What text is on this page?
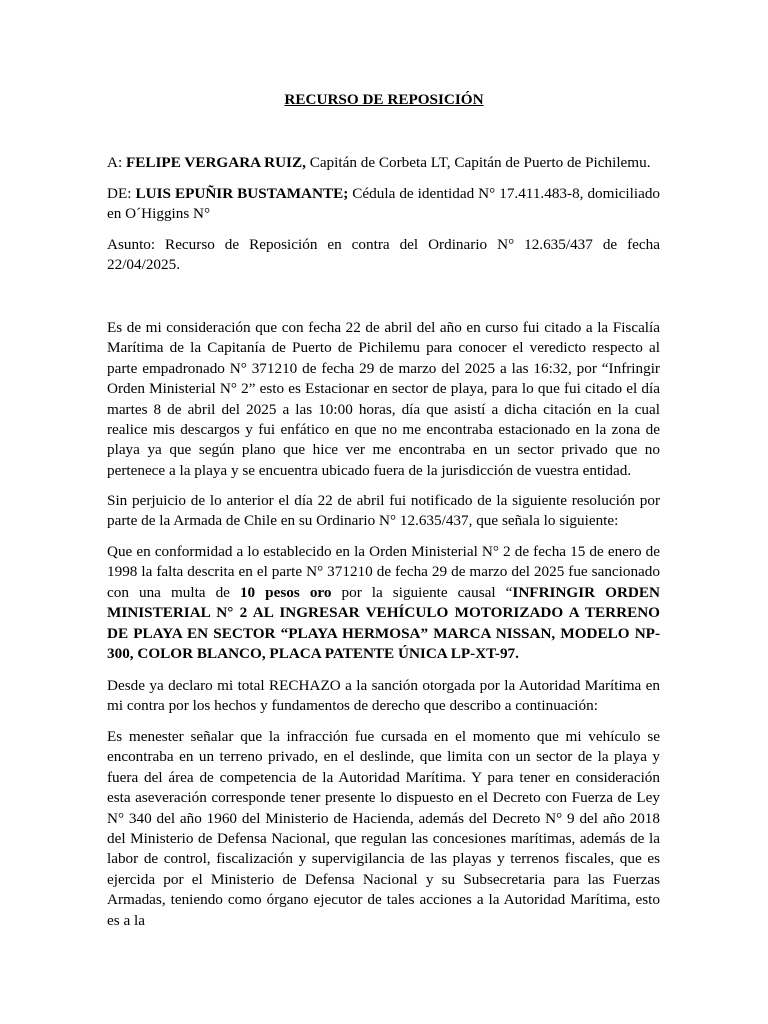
RECURSO DE REPOSICIÓN

A: FELIPE VERGARA RUIZ, Capitán de Corbeta LT, Capitán de Puerto de Pichilemu.

DE: LUIS EPUÑIR BUSTAMANTE; Cédula de identidad N° 17.411.483-8, domiciliado en O´Higgins N°

Asunto: Recurso de Reposición en contra del Ordinario N° 12.635/437 de fecha 22/04/2025.

Es de mi consideración que con fecha 22 de abril del año en curso fui citado a la Fiscalía Marítima de la Capitanía de Puerto de Pichilemu para conocer el veredicto respecto al parte empadronado N° 371210 de fecha 29 de marzo del 2025 a las 16:32, por “Infringir Orden Ministerial N° 2” esto es Estacionar en sector de playa, para lo que fui citado el día martes 8 de abril del 2025 a las 10:00 horas, día que asistí a dicha citación en la cual realice mis descargos y fui enfático en que no me encontraba estacionado en la zona de playa ya que según plano que hice ver me encontraba en un sector privado que no pertenece a la playa y se encuentra ubicado fuera de la jurisdicción de vuestra entidad.

Sin perjuicio de lo anterior el día 22 de abril fui notificado de la siguiente resolución por parte de la Armada de Chile en su Ordinario N° 12.635/437, que señala lo siguiente:

Que en conformidad a lo establecido en la Orden Ministerial N° 2 de fecha 15 de enero de 1998 la falta descrita en el parte N° 371210 de fecha 29 de marzo del 2025 fue sancionado con una multa de 10 pesos oro por la siguiente causal “INFRINGIR ORDEN MINISTERIAL N° 2 AL INGRESAR VEHÍCULO MOTORIZADO A TERRENO DE PLAYA EN SECTOR “PLAYA HERMOSA” MARCA NISSAN, MODELO NP-300, COLOR BLANCO, PLACA PATENTE ÚNICA LP-XT-97.

Desde ya declaro mi total RECHAZO a la sanción otorgada por la Autoridad Marítima en mi contra por los hechos y fundamentos de derecho que describo a continuación:

Es menester señalar que la infracción fue cursada en el momento que mi vehículo se encontraba en un terreno privado, en el deslinde, que limita con un sector de la playa y fuera del área de competencia de la Autoridad Marítima. Y para tener en consideración esta aseveración corresponde tener presente lo dispuesto en el Decreto con Fuerza de Ley N° 340 del año 1960 del Ministerio de Hacienda, además del Decreto N° 9 del año 2018 del Ministerio de Defensa Nacional, que regulan las concesiones marítimas, además de la labor de control, fiscalización y supervigilancia de las playas y terrenos fiscales, que es ejercida por el Ministerio de Defensa Nacional y su Subsecretaria para las Fuerzas Armadas, teniendo como órgano ejecutor de tales acciones a la Autoridad Marítima, esto es a la
